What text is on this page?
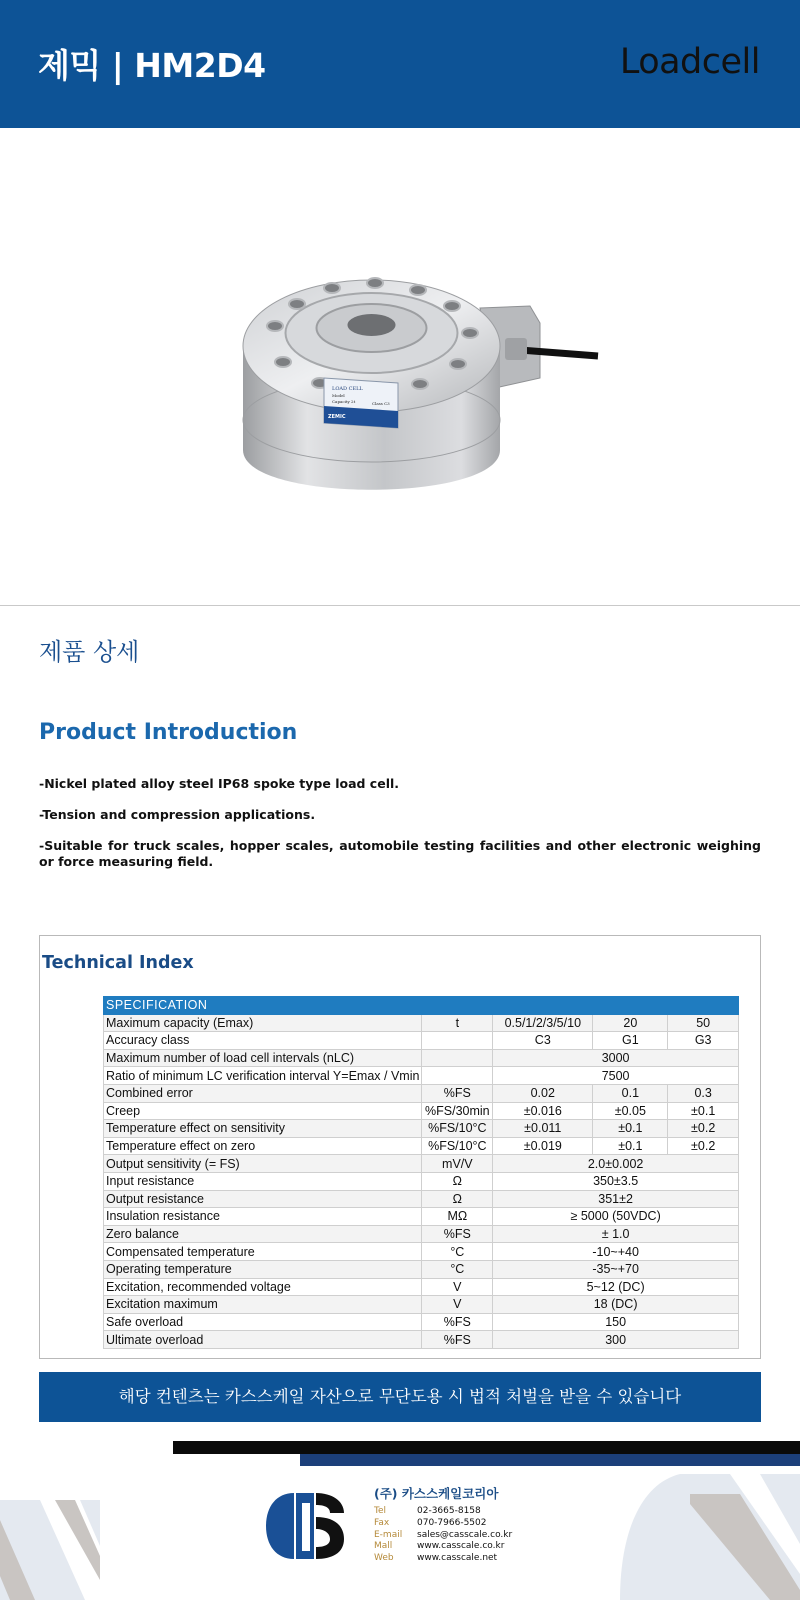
제믹 | HM2D4	Loadcell
LOAD CELL
Model
Capacity 2t	Class C3
ZEMIC
제품 상세
Product Introduction

-Nickel plated alloy steel IP68 spoke type load cell.

-Tension and compression applications.

-Suitable for truck scales, hopper scales, automobile testing facilities and other electronic weighing or force measuring field.

Technical Index
SPECIFICATION				
Maximum capacity (Emax)	t	0.5/1/2/3/5/10	20	50
Accuracy class		C3	G1	G3
Maximum number of load cell intervals (nLC)		3000		
Ratio of minimum LC verification interval Y=Emax / Vmin		7500		
Combined error	%FS	0.02	0.1	0.3
Creep	%FS/30min	±0.016	±0.05	±0.1
Temperature effect on sensitivity	%FS/10°C	±0.011	±0.1	±0.2
Temperature effect on zero	%FS/10°C	±0.019	±0.1	±0.2
Output sensitivity (= FS)	mV/V	2.0±0.002		
Input resistance	Ω	350±3.5		
Output resistance	Ω	351±2		
Insulation resistance	MΩ	≥ 5000 (50VDC)		
Zero balance	%FS	± 1.0		
Compensated temperature	°C	-10~+40		
Operating temperature	°C	-35~+70		
Excitation, recommended voltage	V	5~12 (DC)		
Excitation maximum	V	18 (DC)		
Safe overload	%FS	150		
Ultimate overload	%FS	300		
해당 컨텐츠는 카스스케일 자산으로 무단도용 시 법적 처벌을 받을 수 있습니다
(주) 카스스케일코리아
Tel	02-3665-8158
Fax	070-7966-5502
E-mail	sales@casscale.co.kr
Mall	www.casscale.co.kr
Web	www.casscale.net
